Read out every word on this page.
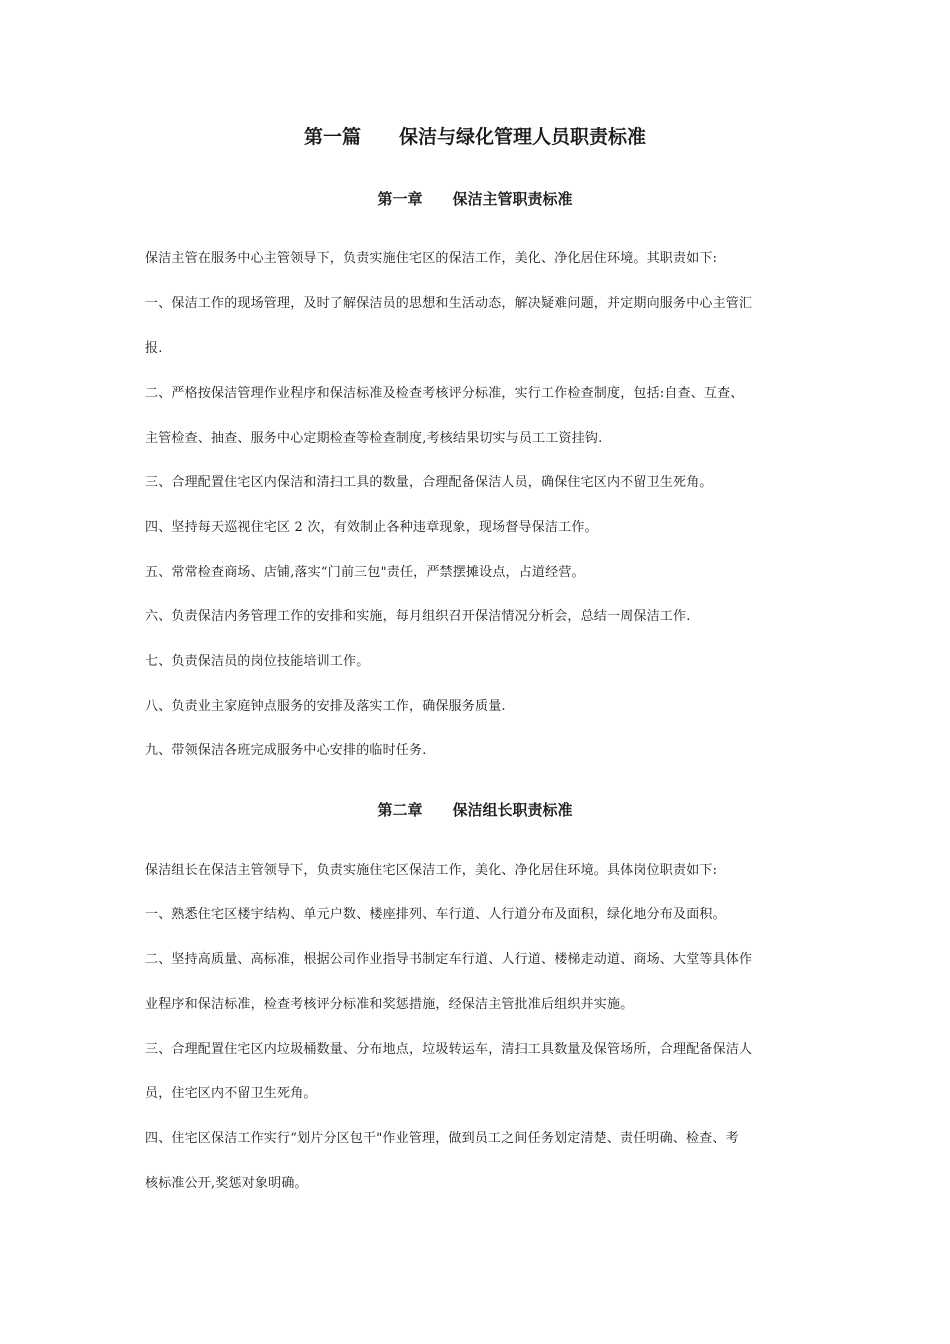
第一篇　　保洁与绿化管理人员职责标准
第一章　　保洁主管职责标准
保洁主管在服务中心主管领导下，负责实施住宅区的保洁工作，美化、净化居住环境。其职责如下:
一、保洁工作的现场管理，及时了解保洁员的思想和生活动态，解决疑难问题，并定期向服务中心主管汇
报.
二、严格按保洁管理作业程序和保洁标准及检查考核评分标准，实行工作检查制度，包括:自查、互查、
主管检查、抽查、服务中心定期检查等检查制度,考核结果切实与员工工资挂钩.
三、合理配置住宅区内保洁和清扫工具的数量，合理配备保洁人员，确保住宅区内不留卫生死角。
四、坚持每天巡视住宅区 2 次，有效制止各种违章现象，现场督导保洁工作。
五、常常检查商场、店铺,落实“门前三包"责任，严禁摆摊设点，占道经营。
六、负责保洁内务管理工作的安排和实施，每月组织召开保洁情况分析会，总结一周保洁工作.
七、负责保洁员的岗位技能培训工作。
八、负责业主家庭钟点服务的安排及落实工作，确保服务质量.
九、带领保洁各班完成服务中心安排的临时任务.
第二章　　保洁组长职责标准
保洁组长在保洁主管领导下，负责实施住宅区保洁工作，美化、净化居住环境。具体岗位职责如下:
一、熟悉住宅区楼宇结构、单元户数、楼座排列、车行道、人行道分布及面积，绿化地分布及面积。
二、坚持高质量、高标准，根据公司作业指导书制定车行道、人行道、楼梯走动道、商场、大堂等具体作
业程序和保洁标准，检查考核评分标准和奖惩措施，经保洁主管批准后组织并实施。
三、合理配置住宅区内垃圾桶数量、分布地点，垃圾转运车，清扫工具数量及保管场所，合理配备保洁人
员，住宅区内不留卫生死角。
四、住宅区保洁工作实行“划片分区包干"作业管理，做到员工之间任务划定清楚、责任明确、检查、考
核标准公开,奖惩对象明确。
